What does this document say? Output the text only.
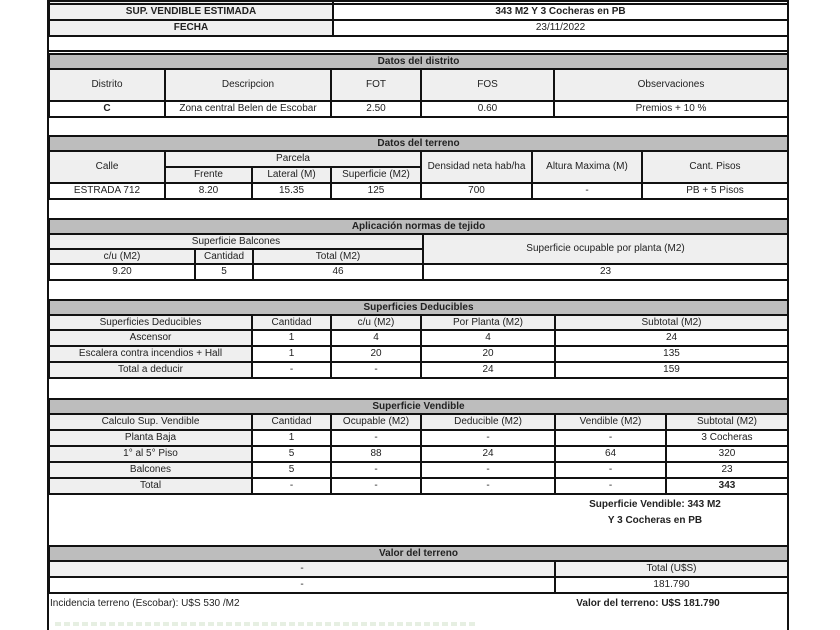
SUP. VENDIBLE ESTIMADA	343 M2 Y 3 Cocheras en PB
FECHA	23/11/2022

Datos del distrito				
Distrito	Descripcion	FOT	FOS	Observaciones
C	Zona central Belen de Escobar	2.50	0.60	Premios + 10 %
Datos del terreno						
Calle	Parcela			Densidad neta hab/ha	Altura Maxima (M)	Cant. Pisos
	Frente	Lateral (M)	Superficie (M2)			
ESTRADA 712	8.20	15.35	125	700	-	PB + 5 Pisos
Aplicación normas de tejido			
Superficie Balcones			Superficie ocupable por planta (M2)
c/u (M2)	Cantidad	Total (M2)	
9.20	5	46	23
Superficies Deducibles				
Superficies Deducibles	Cantidad	c/u (M2)	Por Planta (M2)	Subtotal (M2)
Ascensor	1	4	4	24
Escalera contra incendios + Hall	1	20	20	135
Total a deducir	-	-	24	159
Superficie Vendible					
Calculo Sup. Vendible	Cantidad	Ocupable (M2)	Deducible (M2)	Vendible (M2)	Subtotal (M2)
Planta Baja	1	-	-	-	3 Cocheras
1° al 5° Piso	5	88	24	64	320
Balcones	5	-	-	-	23
Total	-	-	-	-	343
Superficie Vendible: 343 M2
Y 3 Cocheras en PB
Valor del terreno	
-	Total (U$S)
-	181.790
Incidencia terreno (Escobar): U$S 530 /M2	Valor del terreno: U$S 181.790
